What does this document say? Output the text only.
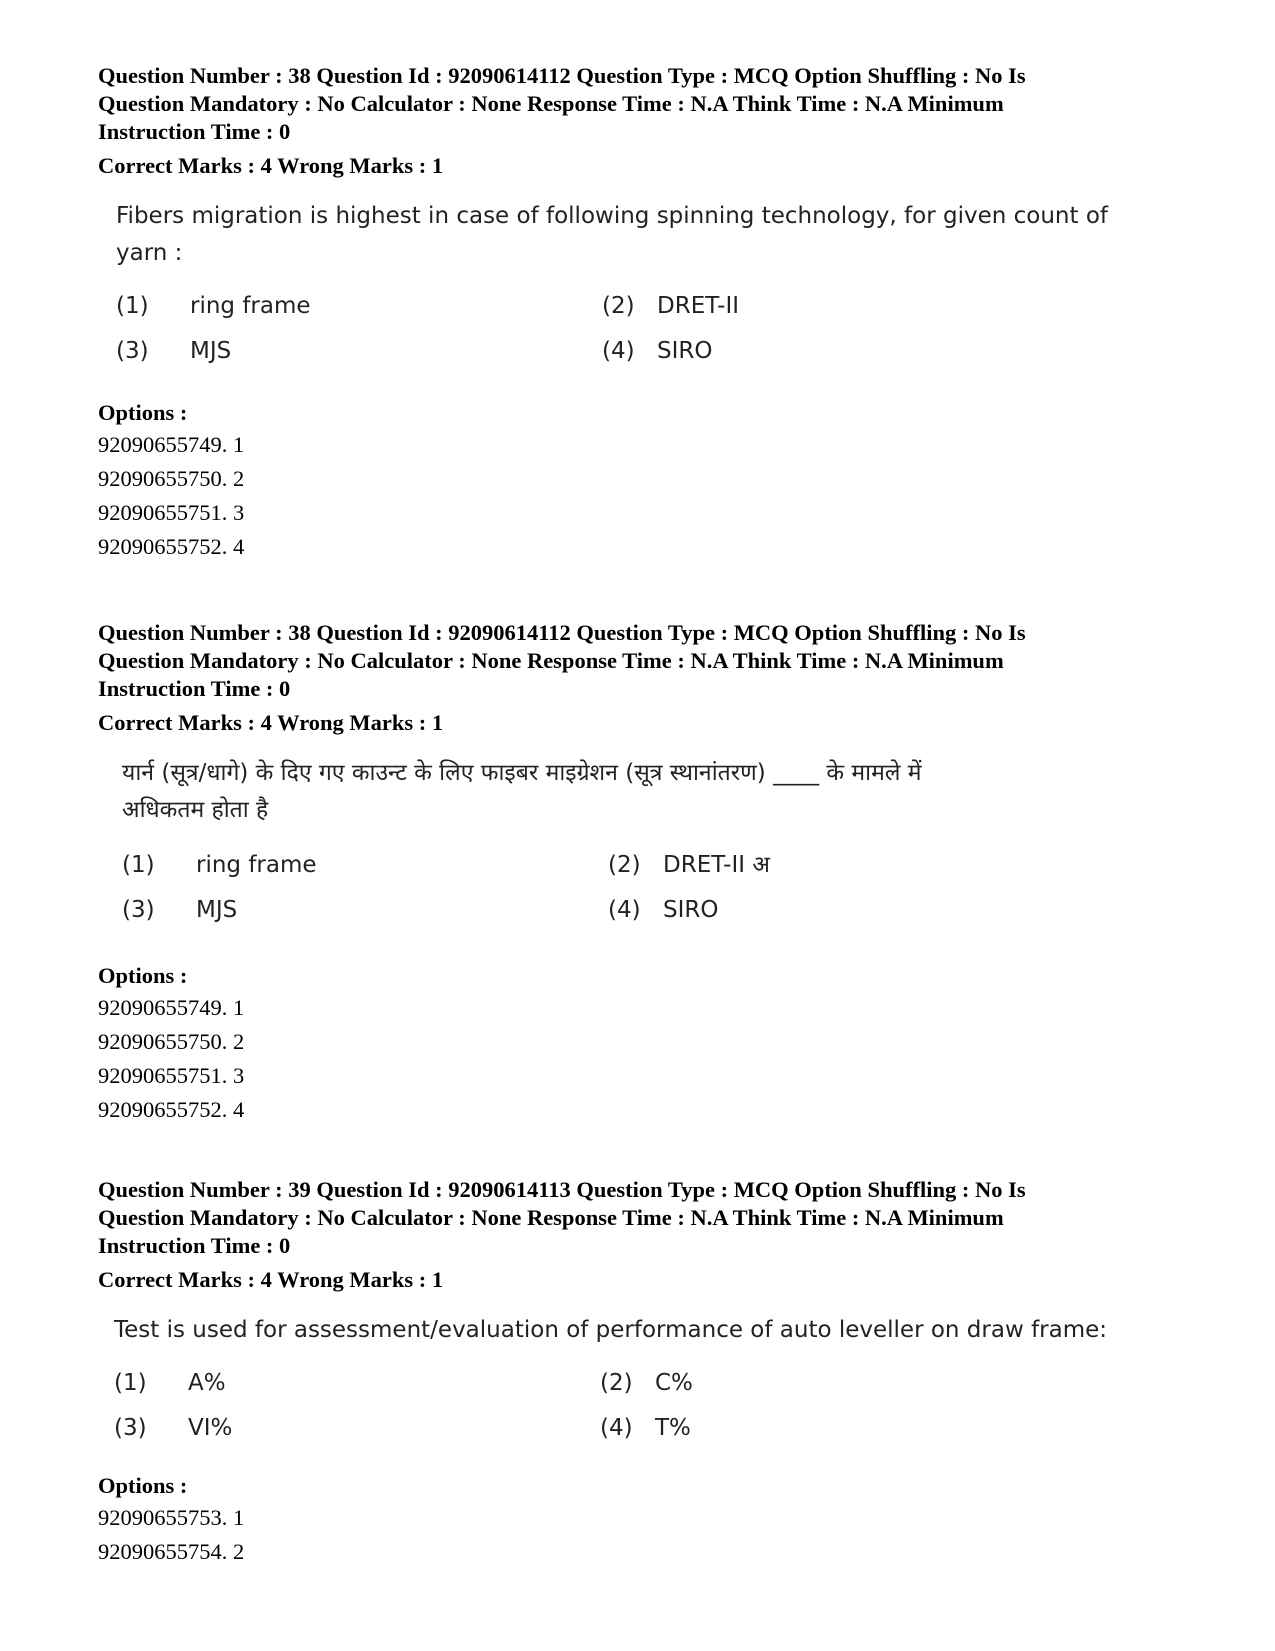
Question Number : 38 Question Id : 92090614112 Question Type : MCQ Option Shuffling : No Is

Question Mandatory : No Calculator : None Response Time : N.A Think Time : N.A Minimum

Instruction Time : 0

Correct Marks : 4 Wrong Marks : 1

Fibers migration is highest in case of following spinning technology, for given count of

yarn :

(1) ring frame	(2) DRET-II
(3) MJS	(4) SIRO

Options :

92090655749. 1

92090655750. 2

92090655751. 3

92090655752. 4

Question Number : 38 Question Id : 92090614112 Question Type : MCQ Option Shuffling : No Is

Question Mandatory : No Calculator : None Response Time : N.A Think Time : N.A Minimum

Instruction Time : 0

Correct Marks : 4 Wrong Marks : 1

यार्न (सूत्र/धागे) के दिए गए काउन्ट के लिए फाइबर माइग्रेशन (सूत्र स्थानांतरण) ____ के मामले में

अधिकतम होता है

(1) ring frame	(2) DRET-II अ
(3) MJS	(4) SIRO

Options :

92090655749. 1

92090655750. 2

92090655751. 3

92090655752. 4

Question Number : 39 Question Id : 92090614113 Question Type : MCQ Option Shuffling : No Is

Question Mandatory : No Calculator : None Response Time : N.A Think Time : N.A Minimum

Instruction Time : 0

Correct Marks : 4 Wrong Marks : 1

Test is used for assessment/evaluation of performance of auto leveller on draw frame:

(1) A%	(2) C%
(3) VI%	(4) T%

Options :

92090655753. 1

92090655754. 2
